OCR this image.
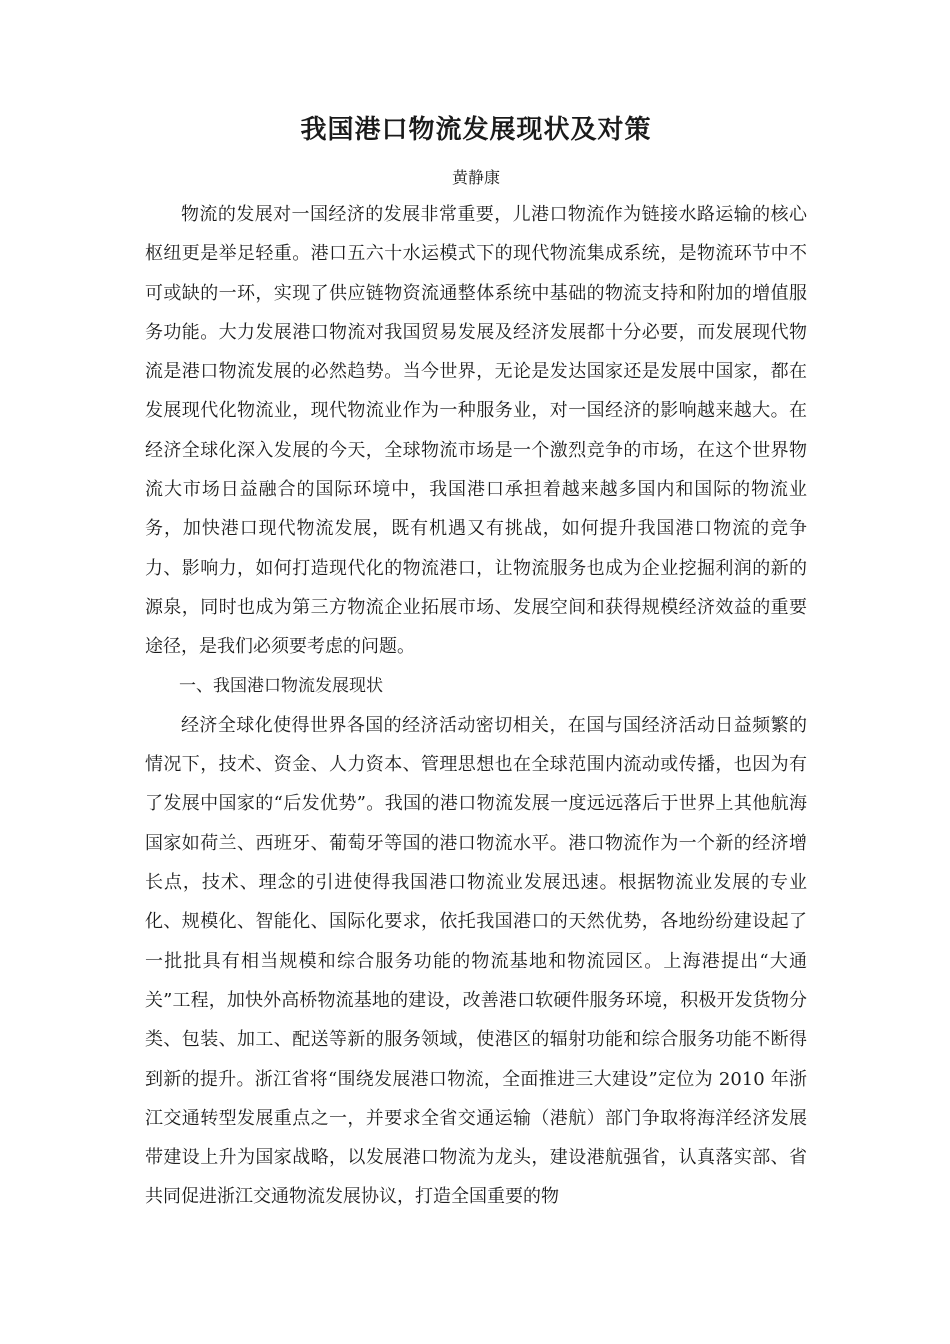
我国港口物流发展现状及对策
黄静康

物流的发展对一国经济的发展非常重要，儿港口物流作为链接水路运输的核心枢纽更是举足轻重。港口五六十水运模式下的现代物流集成系统，是物流环节中不可或缺的一环，实现了供应链物资流通整体系统中基础的物流支持和附加的增值服务功能。大力发展港口物流对我国贸易发展及经济发展都十分必要，而发展现代物流是港口物流发展的必然趋势。当今世界，无论是发达国家还是发展中国家，都在发展现代化物流业，现代物流业作为一种服务业，对一国经济的影响越来越大。在经济全球化深入发展的今天，全球物流市场是一个激烈竞争的市场，在这个世界物流大市场日益融合的国际环境中，我国港口承担着越来越多国内和国际的物流业务，加快港口现代物流发展，既有机遇又有挑战，如何提升我国港口物流的竞争力、影响力，如何打造现代化的物流港口，让物流服务也成为企业挖掘利润的新的源泉，同时也成为第三方物流企业拓展市场、发展空间和获得规模经济效益的重要途径，是我们必须要考虑的问题。

一、我国港口物流发展现状

经济全球化使得世界各国的经济活动密切相关，在国与国经济活动日益频繁的情况下，技术、资金、人力资本、管理思想也在全球范围内流动或传播，也因为有了发展中国家的“后发优势”。我国的港口物流发展一度远远落后于世界上其他航海国家如荷兰、西班牙、葡萄牙等国的港口物流水平。港口物流作为一个新的经济增长点，技术、理念的引进使得我国港口物流业发展迅速。根据物流业发展的专业化、规模化、智能化、国际化要求，依托我国港口的天然优势，各地纷纷建设起了一批批具有相当规模和综合服务功能的物流基地和物流园区。上海港提出“大通关”工程，加快外高桥物流基地的建设，改善港口软硬件服务环境，积极开发货物分类、包装、加工、配送等新的服务领域，使港区的辐射功能和综合服务功能不断得到新的提升。浙江省将“围绕发展港口物流，全面推进三大建设”定位为 2010 年浙江交通转型发展重点之一，并要求全省交通运输（港航）部门争取将海洋经济发展带建设上升为国家战略，以发展港口物流为龙头，建设港航强省，认真落实部、省共同促进浙江交通物流发展协议，打造全国重要的物
